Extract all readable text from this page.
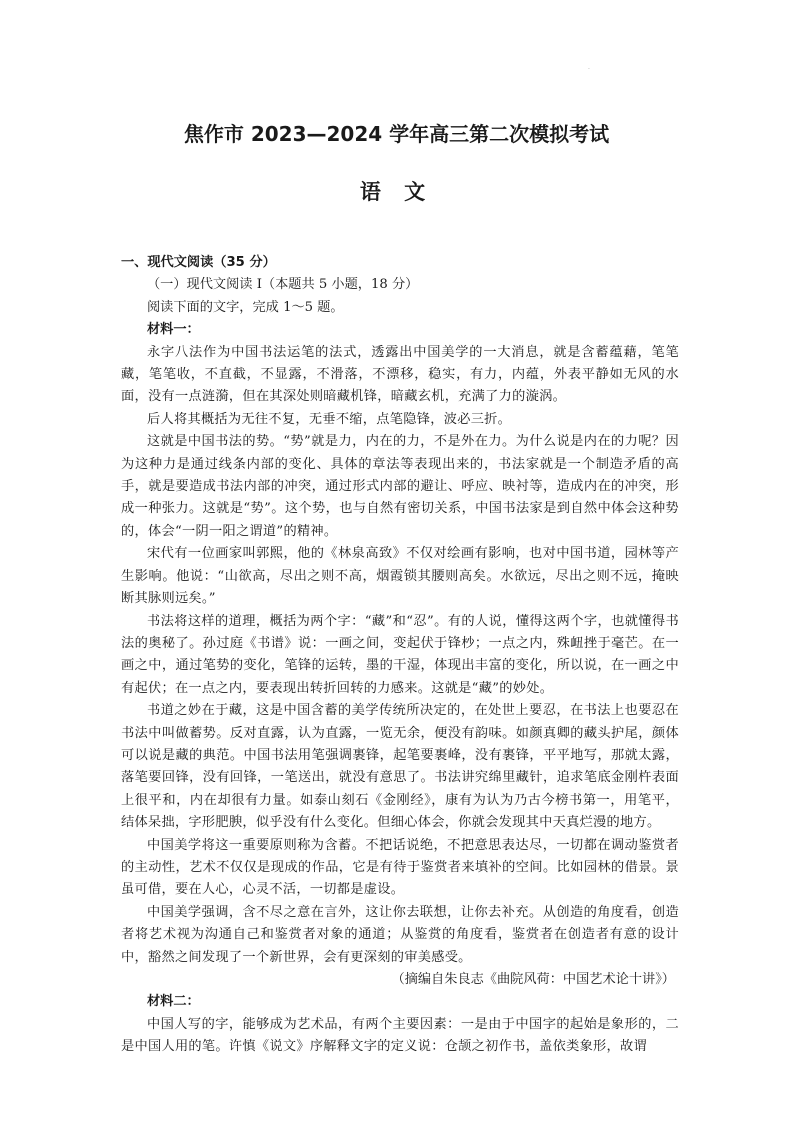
·
焦作市 2023—2024 学年高三第二次模拟考试
语 文
一、现代文阅读（35 分）
（一）现代文阅读 I（本题共 5 小题，18 分）
阅读下面的文字，完成 1～5 题。
材料一：
永字八法作为中国书法运笔的法式，透露出中国美学的一大消息，就是含蓄蕴藉，笔笔藏，笔笔收，不直截，不显露，不滑落，不漂移，稳实，有力，内蕴，外表平静如无风的水面，没有一点涟漪，但在其深处则暗藏机锋，暗藏玄机，充满了力的漩涡。
后人将其概括为无往不复，无垂不缩，点笔隐锋，波必三折。
这就是中国书法的势。“势”就是力，内在的力，不是外在力。为什么说是内在的力呢？因为这种力是通过线条内部的变化、具体的章法等表现出来的，书法家就是一个制造矛盾的高手，就是要造成书法内部的冲突，通过形式内部的避让、呼应、映衬等，造成内在的冲突，形成一种张力。这就是“势”。这个势，也与自然有密切关系，中国书法家是到自然中体会这种势的，体会“一阴一阳之谓道”的精神。
宋代有一位画家叫郭熙，他的《林泉高致》不仅对绘画有影响，也对中国书道，园林等产生影响。他说：“山欲高，尽出之则不高，烟霞锁其腰则高矣。水欲远，尽出之则不远，掩映断其脉则远矣。”
书法将这样的道理，概括为两个字：“藏”和“忍”。有的人说，懂得这两个字，也就懂得书法的奥秘了。孙过庭《书谱》说：一画之间，变起伏于锋杪；一点之内，殊衄挫于毫芒。在一画之中，通过笔势的变化，笔锋的运转，墨的干湿，体现出丰富的变化，所以说，在一画之中有起伏；在一点之内，要表现出转折回转的力感来。这就是“藏”的妙处。
书道之妙在于藏，这是中国含蓄的美学传统所决定的，在处世上要忍，在书法上也要忍在书法中叫做蓄势。反对直露，认为直露，一览无余，便没有韵味。如颜真卿的藏头护尾，颜体可以说是藏的典范。中国书法用笔强调裹锋，起笔要裹峰，没有裹锋，平平地写，那就太露，落笔要回锋，没有回锋，一笔送出，就没有意思了。书法讲究绵里藏针，追求笔底金刚杵表面上很平和，内在却很有力量。如泰山刻石《金刚经》，康有为认为乃古今榜书第一，用笔平，结体呆拙，字形肥腴，似乎没有什么变化。但细心体会，你就会发现其中天真烂漫的地方。
中国美学将这一重要原则称为含蓄。不把话说绝，不把意思表达尽，一切都在调动鉴赏者的主动性，艺术不仅仅是现成的作品，它是有待于鉴赏者来填补的空间。比如园林的借景。景虽可借，要在人心，心灵不活，一切都是虚设。
中国美学强调，含不尽之意在言外，这让你去联想，让你去补充。从创造的角度看，创造者将艺术视为沟通自己和鉴赏者对象的通道；从鉴赏的角度看，鉴赏者在创造者有意的设计中，豁然之间发现了一个新世界，会有更深刻的审美感受。
（摘编自朱良志《曲院风荷：中国艺术论十讲》）
材料二：
中国人写的字，能够成为艺术品，有两个主要因素：一是由于中国字的起始是象形的，二是中国人用的笔。许慎《说文》序解释文字的定义说：仓颉之初作书，盖依类象形，故谓
